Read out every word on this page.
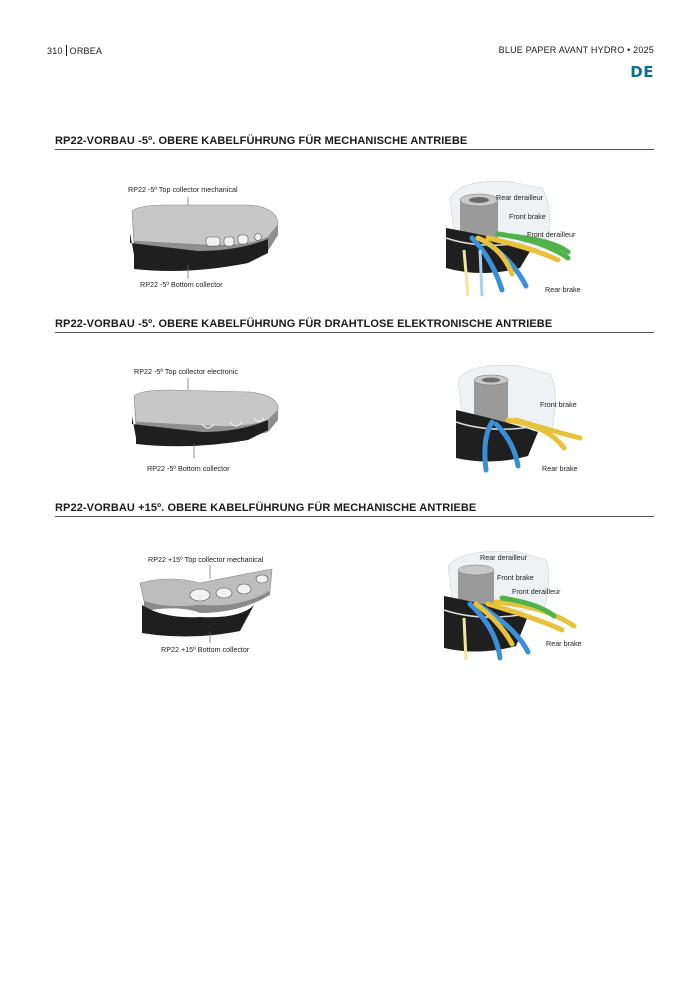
310 ORBEA	BLUE PAPER AVANT HYDRO • 2025
DE
RP22-VORBAU -5º. OBERE KABELFÜHRUNG FÜR MECHANISCHE ANTRIEBE
RP22 -5º Top collector mechanical
RP22 -5º Bottom collector
Rear derailleur
Front brake
Front derailleur
Rear brake
RP22-VORBAU -5º. OBERE KABELFÜHRUNG FÜR DRAHTLOSE ELEKTRONISCHE ANTRIEBE
RP22 -5º Top collector electronic
RP22 -5º Bottom collector
Front brake
Rear brake
RP22-VORBAU +15º. OBERE KABELFÜHRUNG FÜR MECHANISCHE ANTRIEBE
RP22 +15º Top collector mechanical
RP22 +15º Bottom collector
Rear derailleur
Front brake
Front derailleur
Rear brake
